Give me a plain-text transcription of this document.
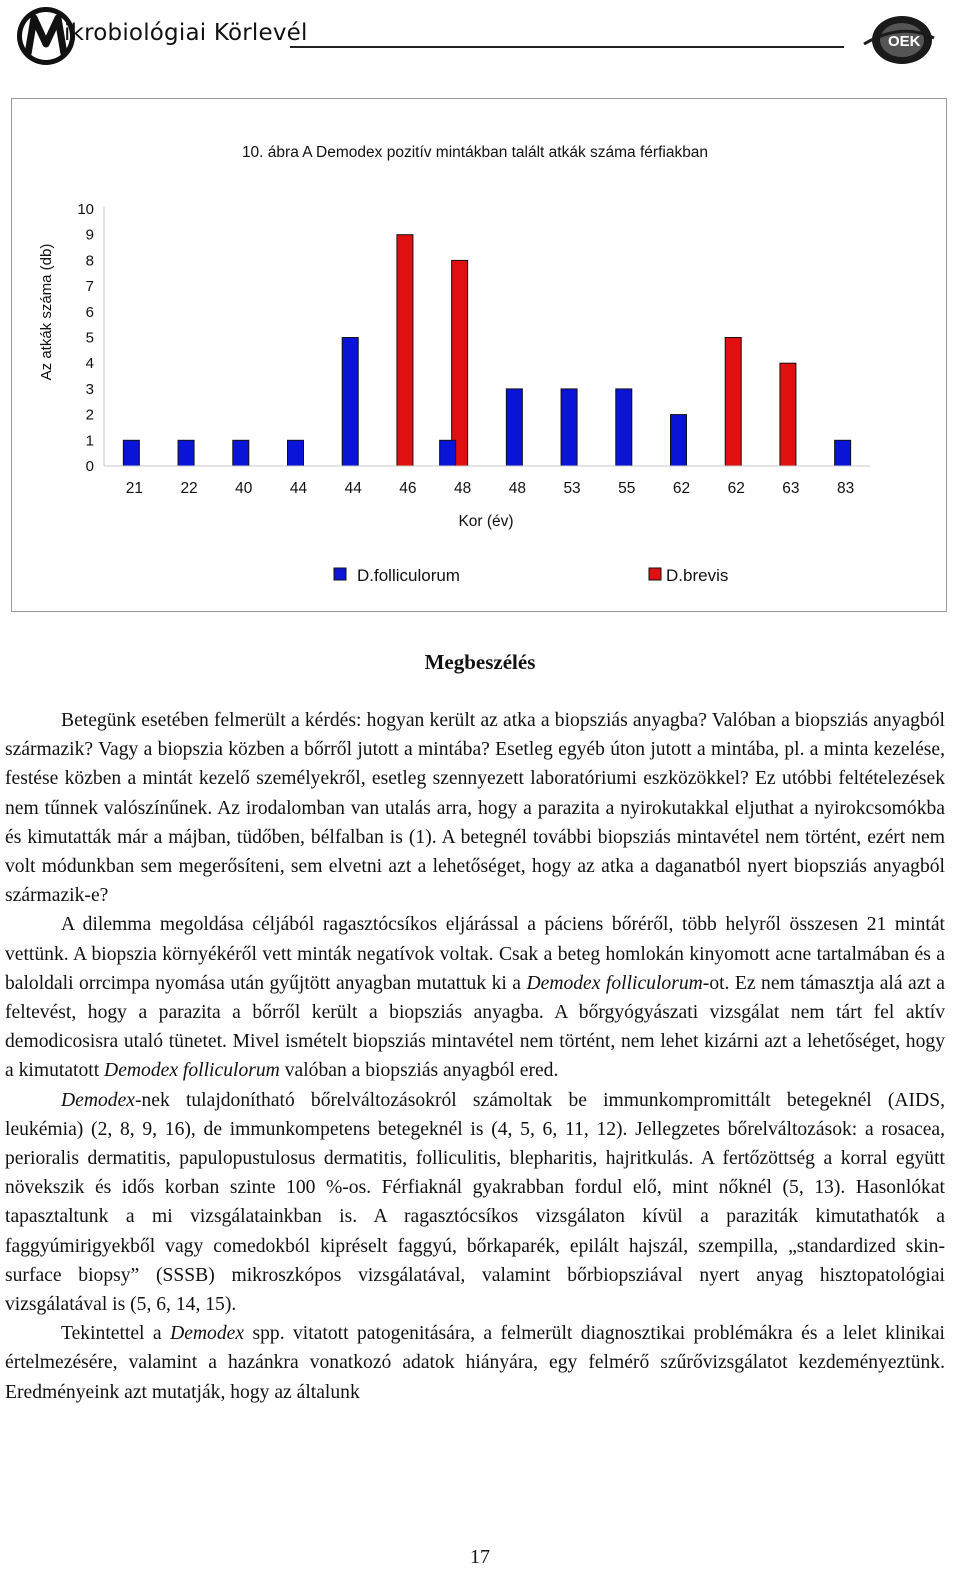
ikrobiológiai Körlevél	OEK
10. ábra A Demodex pozitív mintákban talált atkák száma férfiakban
Az atkák száma (db)
Kor (év)
0
1
2
3
4
5
6
7
8
9
10
21 22 40 44 44 46 48 48 53 55 62 62 63 83
D.folliculorum	D.brevis
Megbeszélés

Betegünk esetében felmerült a kérdés: hogyan került az atka a biopsziás anyagba? Valóban a biopsziás anyagból származik? Vagy a biopszia közben a bőrről jutott a mintába? Esetleg egyéb úton jutott a mintába, pl. a minta kezelése, festése közben a mintát kezelő személyekről, esetleg szennyezett laboratóriumi eszközökkel? Ez utóbbi feltételezések nem tűnnek valószínűnek. Az irodalomban van utalás arra, hogy a parazita a nyirokutakkal eljuthat a nyirokcsomókba és kimutatták már a májban, tüdőben, bélfalban is (1). A betegnél további biopsziás mintavétel nem történt, ezért nem volt módunkban sem megerősíteni, sem elvetni azt a lehetőséget, hogy az atka a daganatból nyert biopsziás anyagból származik-e?

A dilemma megoldása céljából ragasztócsíkos eljárással a páciens bőréről, több helyről összesen 21 mintát vettünk. A biopszia környékéről vett minták negatívok voltak. Csak a beteg homlokán kinyomott acne tartalmában és a baloldali orrcimpa nyomása után gyűjtött anyagban mutattuk ki a Demodex folliculorum-ot. Ez nem támasztja alá azt a feltevést, hogy a parazita a bőrről került a biopsziás anyagba. A bőrgyógyászati vizsgálat nem tárt fel aktív demodicosisra utaló tünetet. Mivel ismételt biopsziás mintavétel nem történt, nem lehet kizárni azt a lehetőséget, hogy a kimutatott Demodex folliculorum valóban a biopsziás anyagból ered.

Demodex-nek tulajdonítható bőrelváltozásokról számoltak be immunkompromittált betegeknél (AIDS, leukémia) (2, 8, 9, 16), de immunkompetens betegeknél is (4, 5, 6, 11, 12). Jellegzetes bőrelváltozások: a rosacea, perioralis dermatitis, papulopustulosus dermatitis, folliculitis, blepharitis, hajritkulás. A fertőzöttség a korral együtt növekszik és idős korban szinte 100 %-os. Férfiaknál gyakrabban fordul elő, mint nőknél (5, 13). Hasonlókat tapasztaltunk a mi vizsgálatainkban is. A ragasztócsíkos vizsgálaton kívül a paraziták kimutathatók a faggyúmirigyekből vagy comedokból kipréselt faggyú, bőrkaparék, epilált hajszál, szempilla, „standardized skin-surface biopsy” (SSSB) mikroszkópos vizsgálatával, valamint bőrbiopsziával nyert anyag hisztopatológiai vizsgálatával is (5, 6, 14, 15).

Tekintettel a Demodex spp. vitatott patogenitására, a felmerült diagnosztikai problémákra és a lelet klinikai értelmezésére, valamint a hazánkra vonatkozó adatok hiányára, egy felmérő szűrővizsgálatot kezdeményeztünk. Eredményeink azt mutatják, hogy az általunk

17
